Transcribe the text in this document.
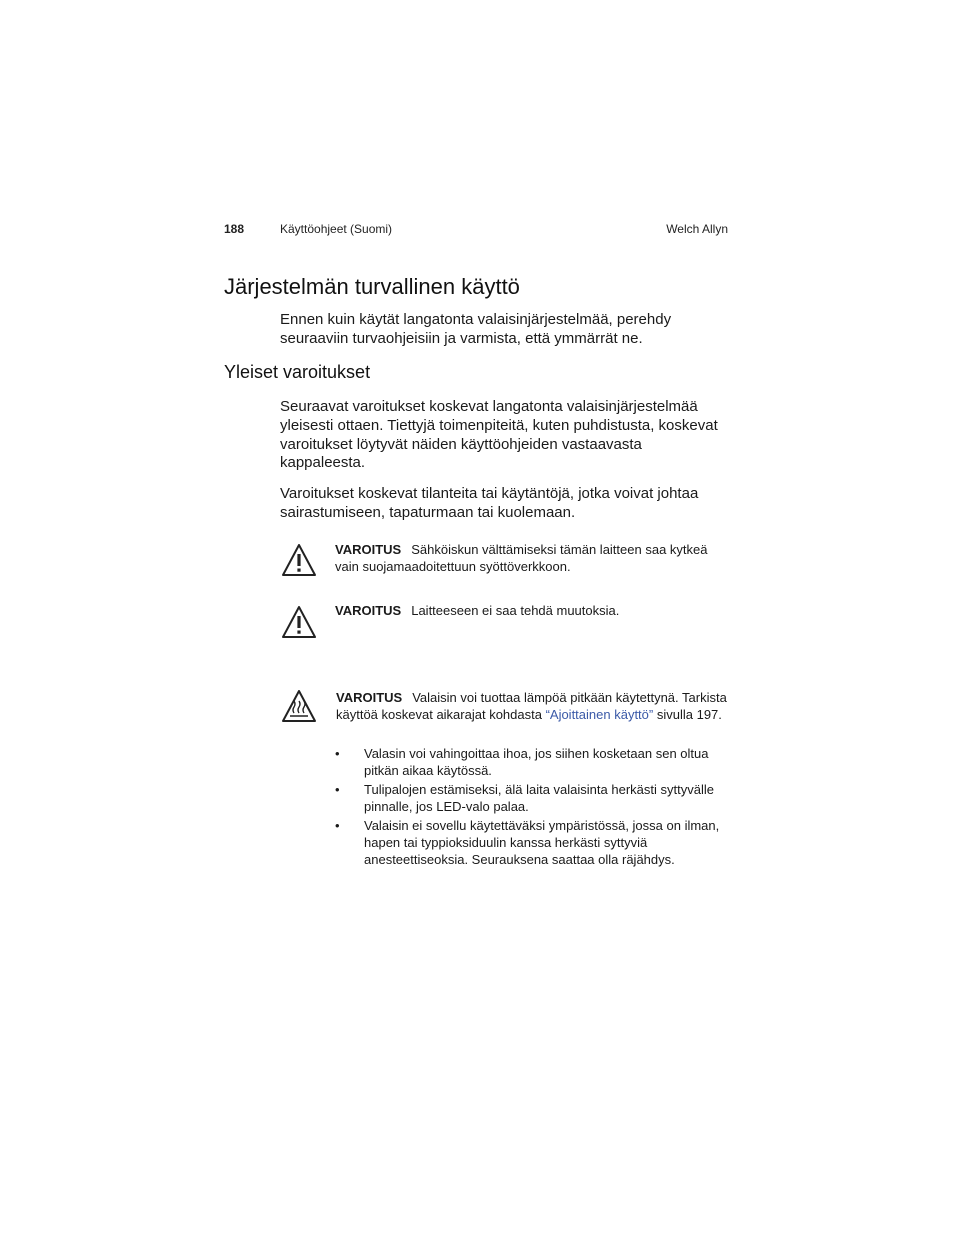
188	Käyttöohjeet (Suomi)	Welch Allyn
Järjestelmän turvallinen käyttö

Ennen kuin käytät langatonta valaisinjärjestelmää, perehdy seuraaviin turvaohjeisiin ja varmista, että ymmärrät ne.

Yleiset varoitukset

Seuraavat varoitukset koskevat langatonta valaisinjärjestelmää yleisesti ottaen. Tiettyjä toimenpiteitä, kuten puhdistusta, koskevat varoitukset löytyvät näiden käyttöohjeiden vastaavasta kappaleesta.

Varoitukset koskevat tilanteita tai käytäntöjä, jotka voivat johtaa sairastumiseen, tapaturmaan tai kuolemaan.

VAROITUS Sähköiskun välttämiseksi tämän laitteen saa kytkeä vain suojamaadoitettuun syöttöverkkoon.

VAROITUS Laitteeseen ei saa tehdä muutoksia.

VAROITUS Valaisin voi tuottaa lämpöä pitkään käytettynä. Tarkista käyttöä koskevat aikarajat kohdasta “Ajoittainen käyttö” sivulla 197.

• Valasin voi vahingoittaa ihoa, jos siihen kosketaan sen oltua pitkän aikaa käytössä.
• Tulipalojen estämiseksi, älä laita valaisinta herkästi syttyvälle pinnalle, jos LED-valo palaa.
• Valaisin ei sovellu käytettäväksi ympäristössä, jossa on ilman, hapen tai typpioksiduulin kanssa herkästi syttyviä anesteettiseoksia. Seurauksena saattaa olla räjähdys.
